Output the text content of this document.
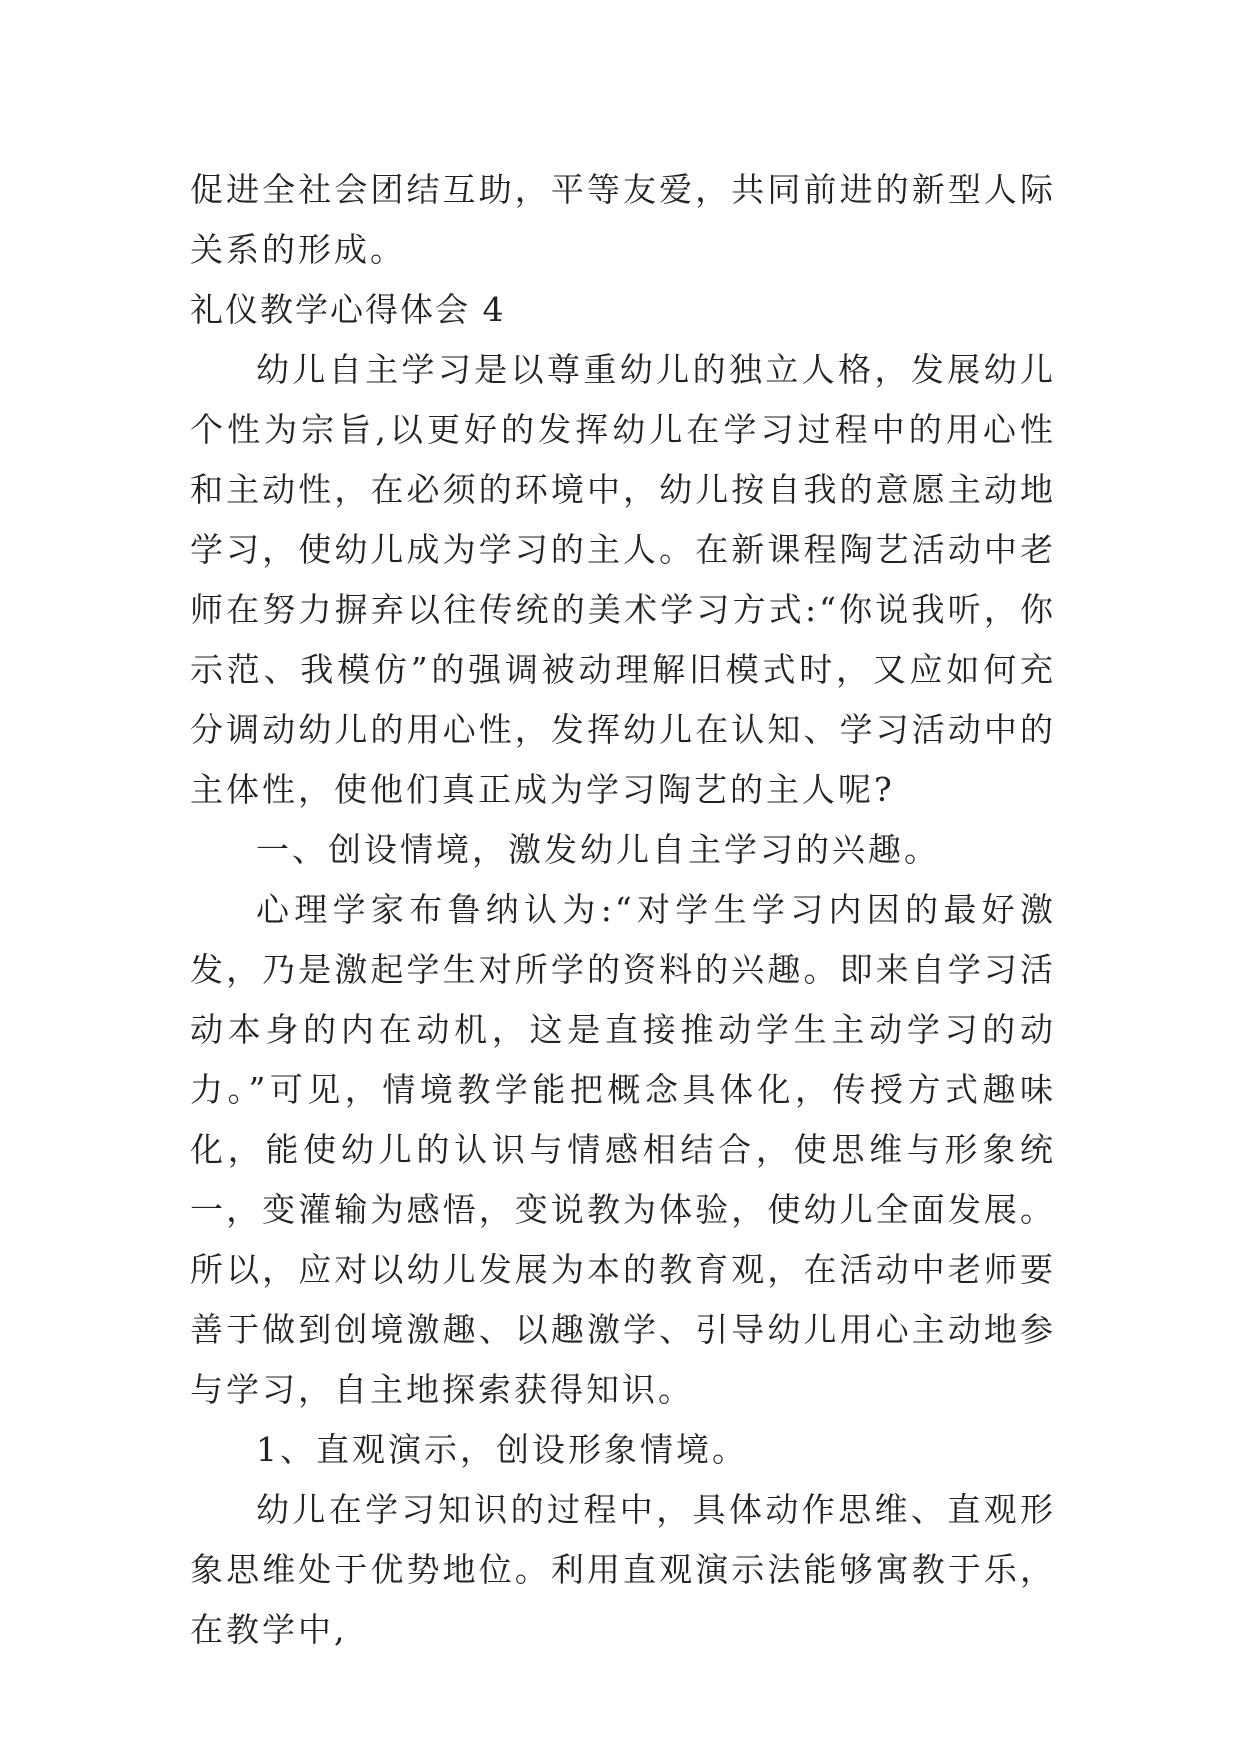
促进全社会团结互助，平等友爱，共同前进的新型人际关系的形成。

礼仪教学心得体会 4

幼儿自主学习是以尊重幼儿的独立人格，发展幼儿个性为宗旨,以更好的发挥幼儿在学习过程中的用心性和主动性，在必须的环境中，幼儿按自我的意愿主动地学习，使幼儿成为学习的主人。在新课程陶艺活动中老师在努力摒弃以往传统的美术学习方式:“你说我听，你示范、我模仿”的强调被动理解旧模式时，又应如何充分调动幼儿的用心性，发挥幼儿在认知、学习活动中的主体性，使他们真正成为学习陶艺的主人呢?

一、创设情境，激发幼儿自主学习的兴趣。

心理学家布鲁纳认为:“对学生学习内因的最好激发，乃是激起学生对所学的资料的兴趣。即来自学习活动本身的内在动机，这是直接推动学生主动学习的动力。”可见，情境教学能把概念具体化，传授方式趣味化，能使幼儿的认识与情感相结合，使思维与形象统一，变灌输为感悟，变说教为体验，使幼儿全面发展。所以，应对以幼儿发展为本的教育观，在活动中老师要善于做到创境激趣、以趣激学、引导幼儿用心主动地参与学习，自主地探索获得知识。

1、直观演示，创设形象情境。

幼儿在学习知识的过程中，具体动作思维、直观形象思维处于优势地位。利用直观演示法能够寓教于乐，在教学中,
